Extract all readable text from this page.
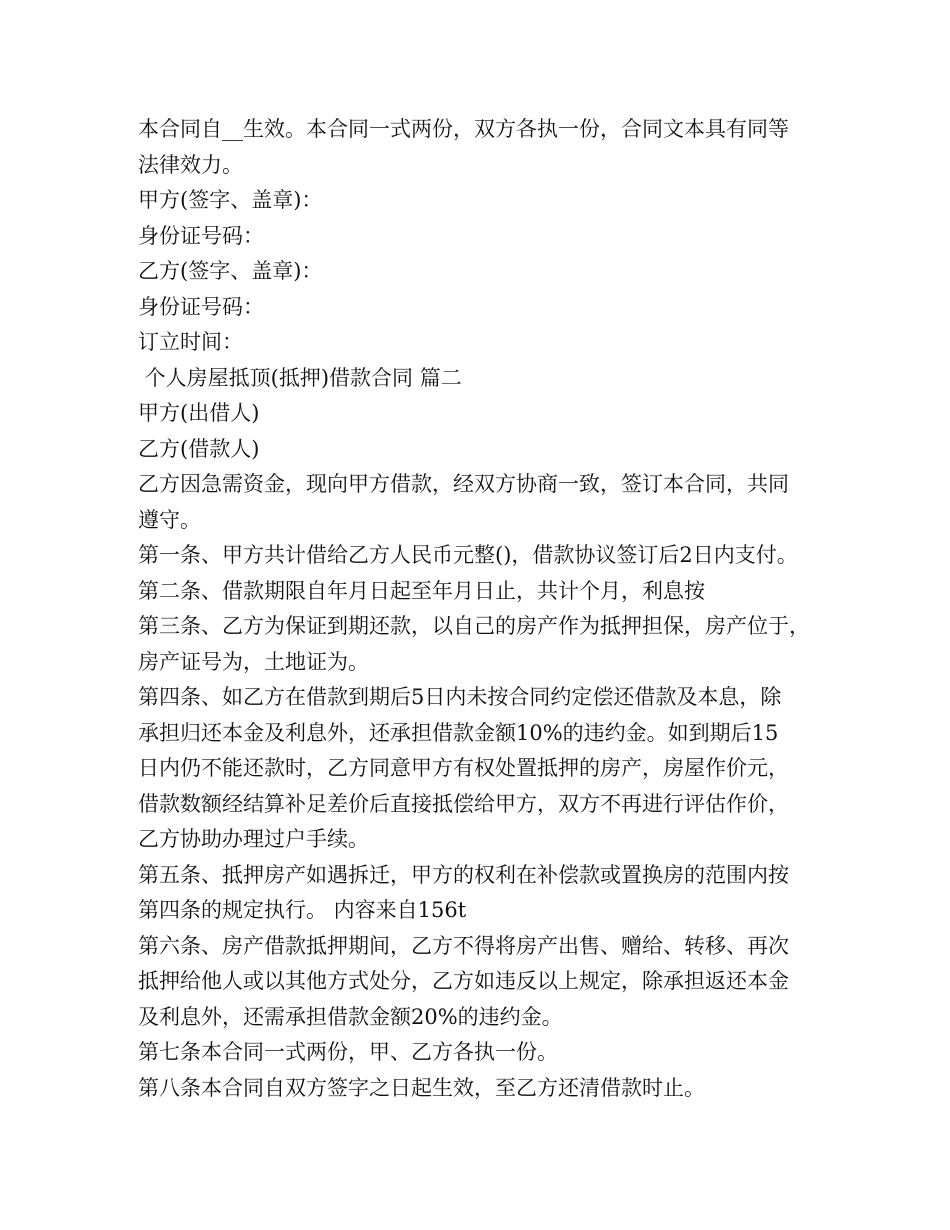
本合同自__生效。本合同一式两份，双方各执一份，合同文本具有同等

法律效力。

甲方(签字、盖章)：

身份证号码：

乙方(签字、盖章)：

身份证号码：

订立时间：

个人房屋抵顶(抵押)借款合同 篇二

甲方(出借人)

乙方(借款人)

乙方因急需资金，现向甲方借款，经双方协商一致，签订本合同，共同

遵守。

第一条、甲方共计借给乙方人民币元整()，借款协议签订后2日内支付。

第二条、借款期限自年月日起至年月日止，共计个月，利息按

第三条、乙方为保证到期还款，以自己的房产作为抵押担保，房产位于，

房产证号为，土地证为。

第四条、如乙方在借款到期后5日内未按合同约定偿还借款及本息，除

承担归还本金及利息外，还承担借款金额10%的违约金。如到期后15

日内仍不能还款时，乙方同意甲方有权处置抵押的房产，房屋作价元，

借款数额经结算补足差价后直接抵偿给甲方，双方不再进行评估作价，

乙方协助办理过户手续。

第五条、抵押房产如遇拆迁，甲方的权利在补偿款或置换房的范围内按

第四条的规定执行。 内容来自156t

第六条、房产借款抵押期间，乙方不得将房产出售、赠给、转移、再次

抵押给他人或以其他方式处分，乙方如违反以上规定，除承担返还本金

及利息外，还需承担借款金额20%的违约金。

第七条本合同一式两份，甲、乙方各执一份。

第八条本合同自双方签字之日起生效，至乙方还清借款时止。
